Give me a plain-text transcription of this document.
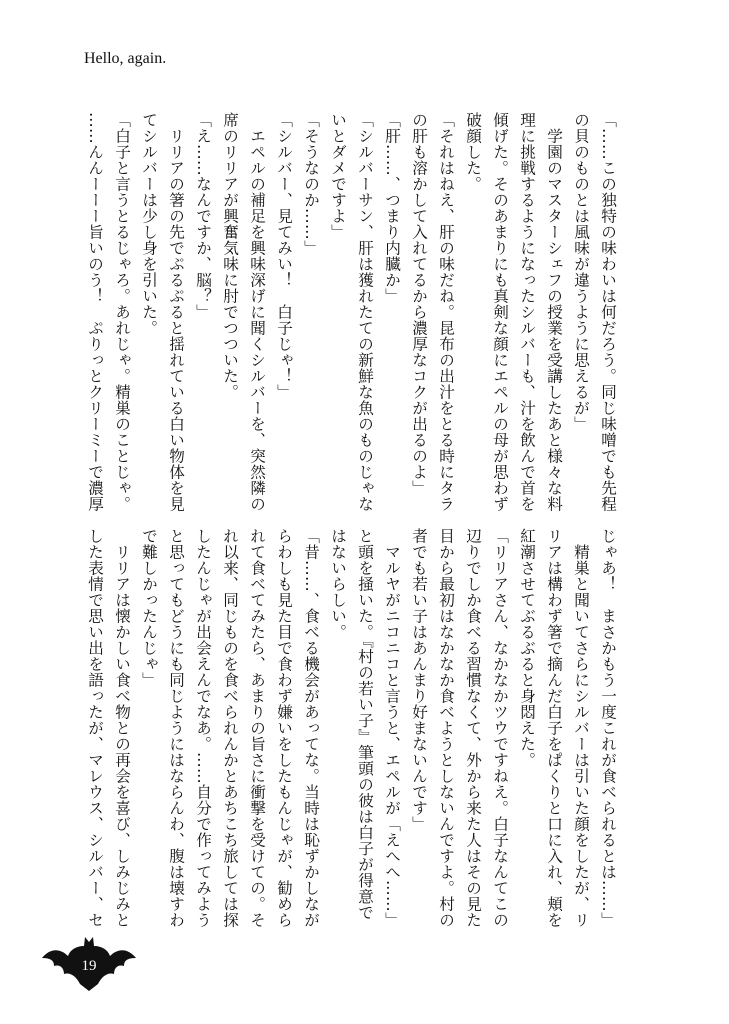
Hello, again.
「……この独特の味わいは何だろう。同じ味噌でも先程
の貝のものとは風味が違うように思えるが」
　学園のマスターシェフの授業を受講したあと様々な料
理に挑戦するようになったシルバーも、汁を飲んで首を
傾げた。そのあまりにも真剣な顔にエペルの母が思わず
破顔した。
「それはねえ、肝の味だね。昆布の出汁をとる時にタラ
の肝も溶かして入れてるから濃厚なコクが出るのよ」
「肝……、つまり内臓か」
「シルバーサン、肝は獲れたての新鮮な魚のものじゃな
いとダメですよ」
「そうなのか……」
「シルバー、見てみい！　白子じゃ！」
　エペルの補足を興味深げに聞くシルバーを、突然隣の
席のリリアが興奮気味に肘でつついた。
「え……なんですか、脳？」
　リリアの箸の先でぷるぷると揺れている白い物体を見
てシルバーは少し身を引いた。
「白子と言うとるじゃろ。あれじゃ。精巣のことじゃ。
……んんーーー旨いのう！　ぷりっとクリーミーで濃厚
じゃあ！　まさかもう一度これが食べられるとは……」
　精巣と聞いてさらにシルバーは引いた顔をしたが、リ
リアは構わず箸で摘んだ白子をぱくりと口に入れ、頬を
紅潮させてぶるぶると身悶えた。
「リリアさん、なかなかツウですねえ。白子なんてこの
辺りでしか食べる習慣なくて、外から来た人はその見た
目から最初はなかなか食べようとしないんですよ。村の
者でも若い子はあんまり好まないんです」
　マルヤがニコニコと言うと、エペルが「えへへ……」
と頭を掻いた。『村の若い子』筆頭の彼は白子が得意で
はないらしい。
「昔……、食べる機会があってな。当時は恥ずかしなが
らわしも見た目で食わず嫌いをしたもんじゃが、勧めら
れて食べてみたら、あまりの旨さに衝撃を受けての。そ
れ以来、同じものを食べられんかとあちこち旅しては探
したんじゃが出会えんでなあ。……自分で作ってみよう
と思ってもどうにも同じようにはならんわ、腹は壊すわ
で難しかったんじゃ」
　リリアは懐かしい食べ物との再会を喜び、しみじみと
した表情で思い出を語ったが、マレウス、シルバー、セ
19
